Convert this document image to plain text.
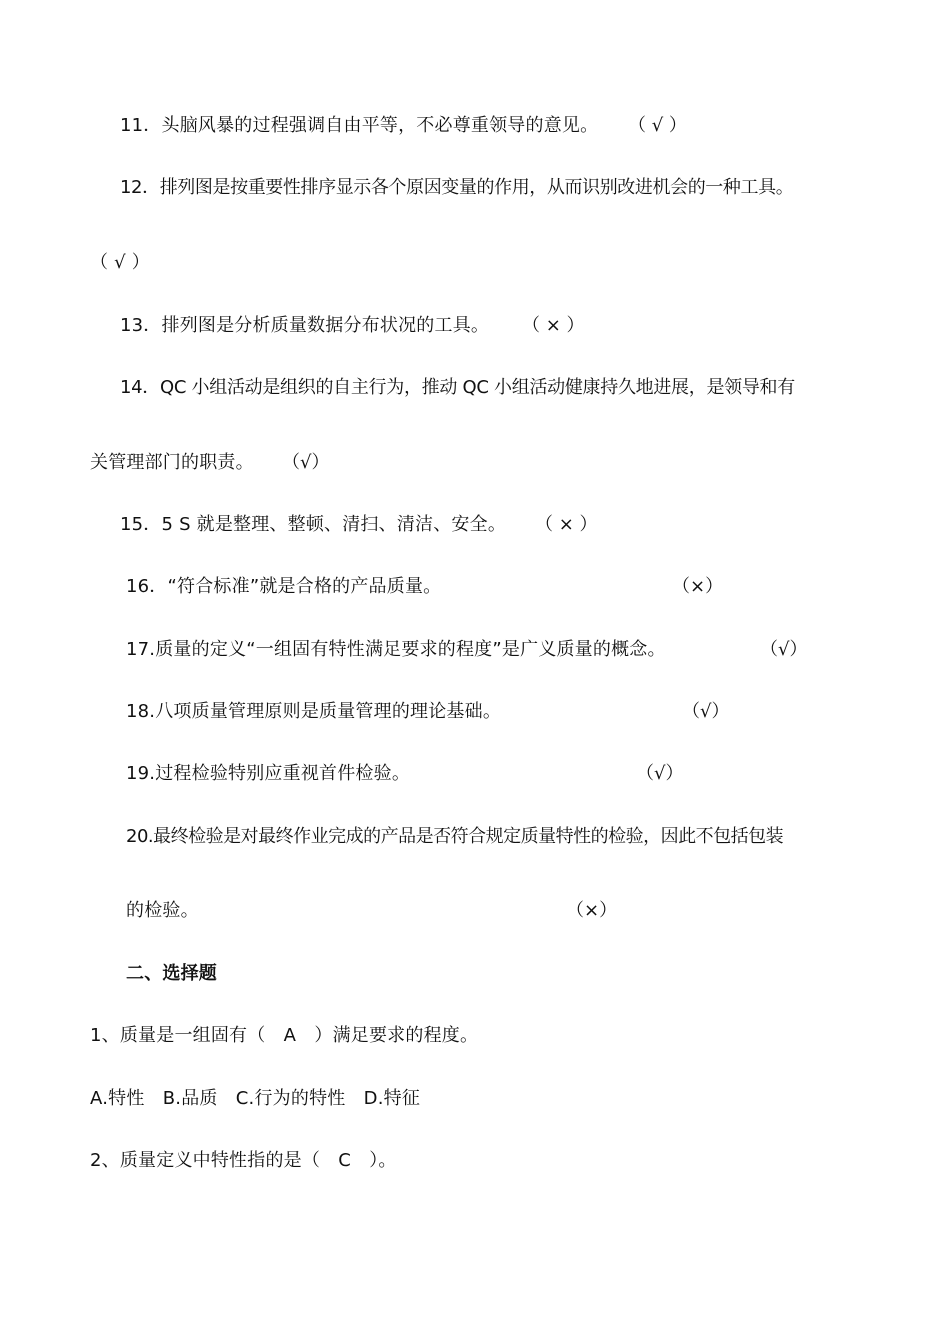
11．头脑风暴的过程强调自由平等，不必尊重领导的意见。 （ √ ）
12．排列图是按重要性排序显示各个原因变量的作用，从而识别改进机会的一种工具。
（ √ ）
13．排列图是分析质量数据分布状况的工具。 （ × ）
14．QC 小组活动是组织的自主行为，推动 QC 小组活动健康持久地进展，是领导和有
关管理部门的职责。 （√）
15．5 S 就是整理、整顿、清扫、清洁、安全。 （ × ）
16．“符合标准”就是合格的产品质量。	（×）
17.质量的定义“一组固有特性满足要求的程度”是广义质量的概念。	（√）
18.八项质量管理原则是质量管理的理论基础。	（√）
19.过程检验特别应重视首件检验。	（√）
20.最终检验是对最终作业完成的产品是否符合规定质量特性的检验，因此不包括包装
的检验。	（×）
二、选择题
1、质量是一组固有（　A　）满足要求的程度。
A.特性　B.品质　C.行为的特性　D.特征
2、质量定义中特性指的是（　C　）。
